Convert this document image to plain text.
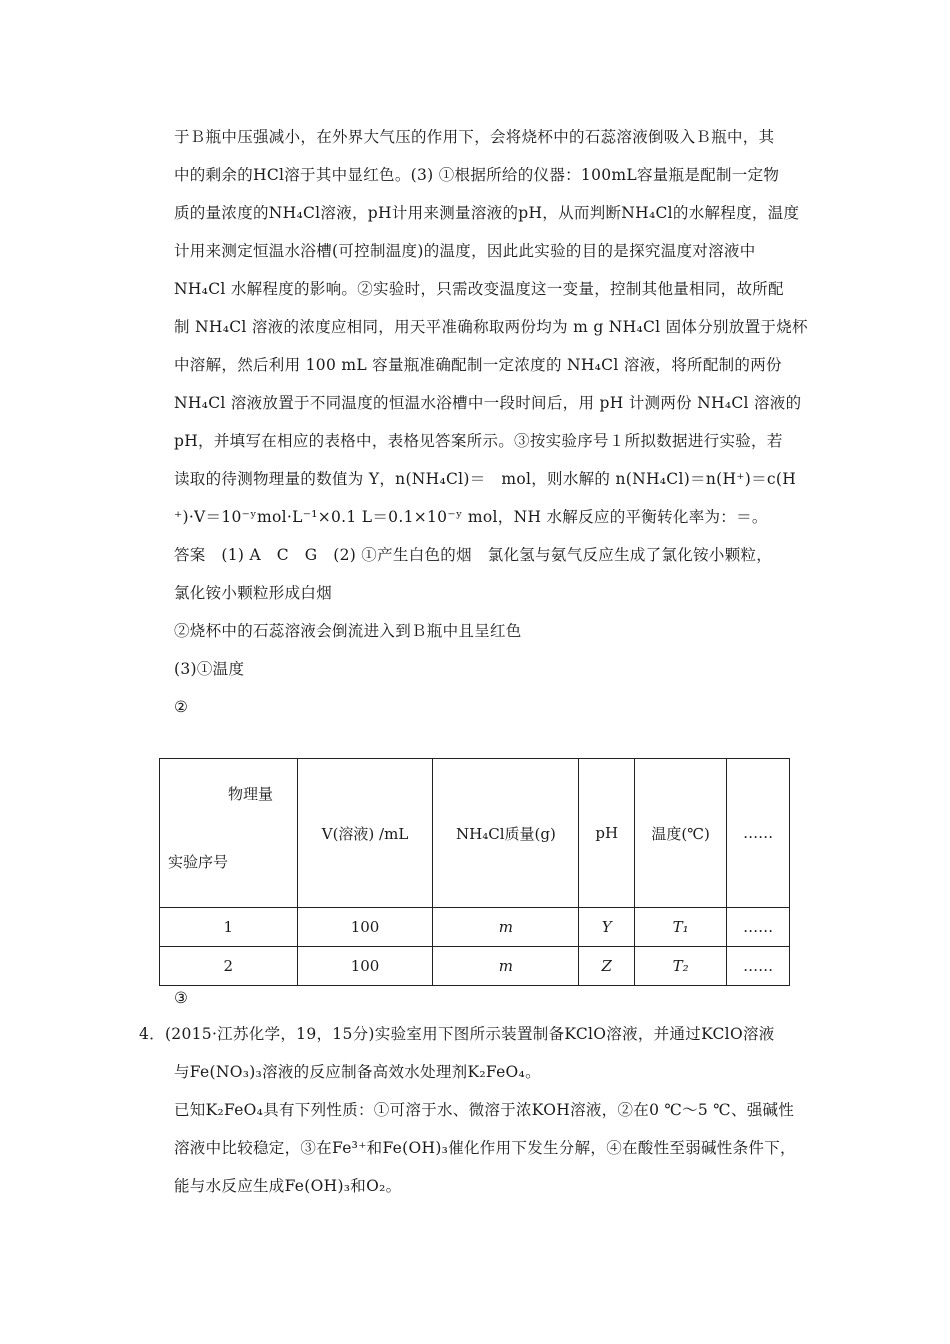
于Ｂ瓶中压强减小，在外界大气压的作用下，会将烧杯中的石蕊溶液倒吸入Ｂ瓶中，其
中的剩余的HCl溶于其中显红色。(3) ①根据所给的仪器：100mL容量瓶是配制一定物
质的量浓度的NH₄Cl溶液，pH计用来测量溶液的pH，从而判断NH₄Cl的水解程度，温度
计用来测定恒温水浴槽(可控制温度)的温度，因此此实验的目的是探究温度对溶液中
NH₄Cl 水解程度的影响。②实验时，只需改变温度这一变量，控制其他量相同，故所配
制 NH₄Cl 溶液的浓度应相同，用天平准确称取两份均为 m g NH₄Cl 固体分别放置于烧杯
中溶解，然后利用 100 mL 容量瓶准确配制一定浓度的 NH₄Cl 溶液，将所配制的两份
NH₄Cl 溶液放置于不同温度的恒温水浴槽中一段时间后，用 pH 计测两份 NH₄Cl 溶液的
pH，并填写在相应的表格中，表格见答案所示。③按实验序号１所拟数据进行实验，若
读取的待测物理量的数值为 Y，n(NH₄Cl)＝　mol，则水解的 n(NH₄Cl)＝n(H⁺)＝c(H
⁺)·V＝10⁻ʸmol·L⁻¹×0.1 L＝0.1×10⁻ʸ mol，NH 水解反应的平衡转化率为：＝。
答案　(1) A　C　G　(2) ①产生白色的烟　氯化氢与氨气反应生成了氯化铵小颗粒，
氯化铵小颗粒形成白烟
②烧杯中的石蕊溶液会倒流进入到Ｂ瓶中且呈红色
(3)①温度
②
物理量
实验序号	V(溶液) /mL	NH₄Cl质量(g)	pH	温度(℃)	……
1	100	m	Y	T₁	……
2	100	m	Z	T₂	……
③
4．(2015·江苏化学，19，15分)实验室用下图所示装置制备KClO溶液，并通过KClO溶液
与Fe(NO₃)₃溶液的反应制备高效水处理剂K₂FeO₄。
已知K₂FeO₄具有下列性质：①可溶于水、微溶于浓KOH溶液，②在0 ℃～5 ℃、强碱性
溶液中比较稳定，③在Fe³⁺和Fe(OH)₃催化作用下发生分解，④在酸性至弱碱性条件下，
能与水反应生成Fe(OH)₃和O₂。
